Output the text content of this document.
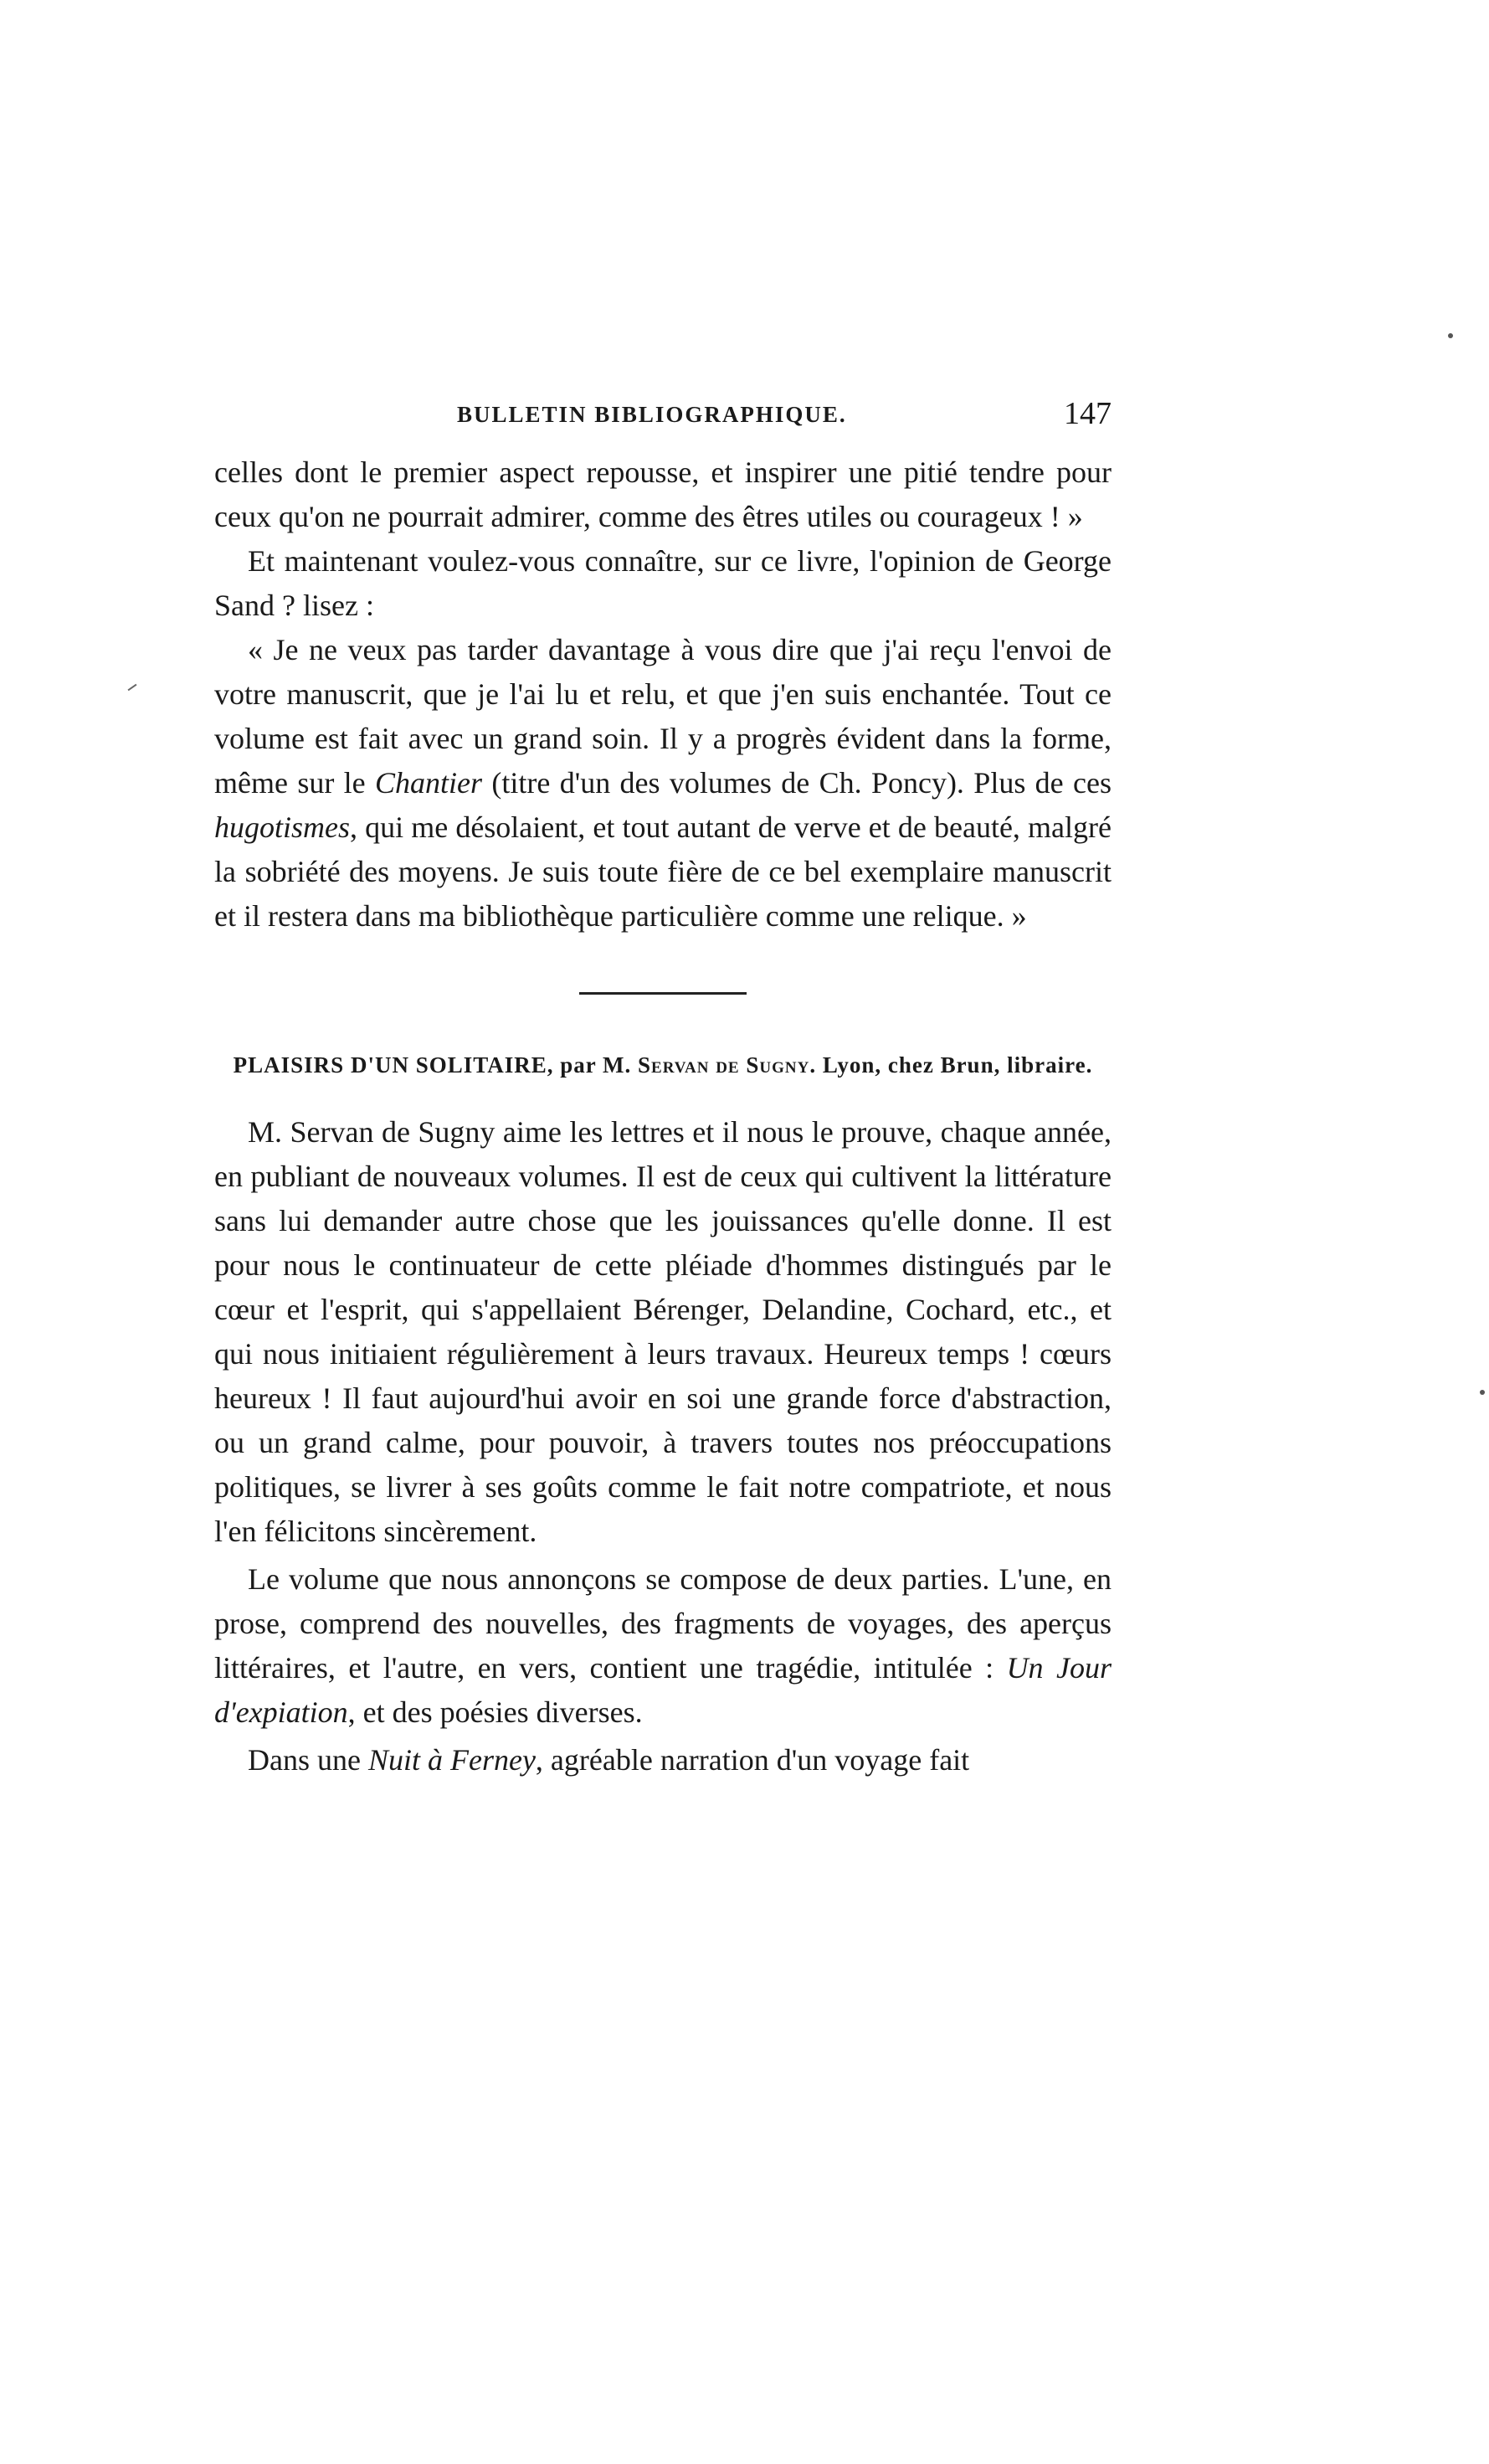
BULLETIN BIBLIOGRAPHIQUE.	147

celles dont le premier aspect repousse, et inspirer une pitié tendre pour ceux qu'on ne pourrait admirer, comme des êtres utiles ou courageux ! »

Et maintenant voulez-vous connaître, sur ce livre, l'opinion de George Sand ? lisez :

« Je ne veux pas tarder davantage à vous dire que j'ai reçu l'envoi de votre manuscrit, que je l'ai lu et relu, et que j'en suis enchantée. Tout ce volume est fait avec un grand soin. Il y a progrès évident dans la forme, même sur le Chantier (titre d'un des volumes de Ch. Poncy). Plus de ces hugotismes, qui me désolaient, et tout autant de verve et de beauté, malgré la sobriété des moyens. Je suis toute fière de ce bel exemplaire manuscrit et il restera dans ma bibliothèque particulière comme une relique. »

PLAISIRS D'UN SOLITAIRE, par M. Servan de Sugny. Lyon, chez Brun, libraire.

M. Servan de Sugny aime les lettres et il nous le prouve, chaque année, en publiant de nouveaux volumes. Il est de ceux qui cultivent la littérature sans lui demander autre chose que les jouissances qu'elle donne. Il est pour nous le continuateur de cette pléiade d'hommes distingués par le cœur et l'esprit, qui s'appellaient Bérenger, Delandine, Cochard, etc., et qui nous initiaient régulièrement à leurs travaux. Heureux temps ! cœurs heureux ! Il faut aujourd'hui avoir en soi une grande force d'abstraction, ou un grand calme, pour pouvoir, à travers toutes nos préoccupations politiques, se livrer à ses goûts comme le fait notre compatriote, et nous l'en félicitons sincèrement.

Le volume que nous annonçons se compose de deux parties. L'une, en prose, comprend des nouvelles, des fragments de voyages, des aperçus littéraires, et l'autre, en vers, contient une tragédie, intitulée : Un Jour d'expiation, et des poésies diverses.

Dans une Nuit à Ferney, agréable narration d'un voyage fait
